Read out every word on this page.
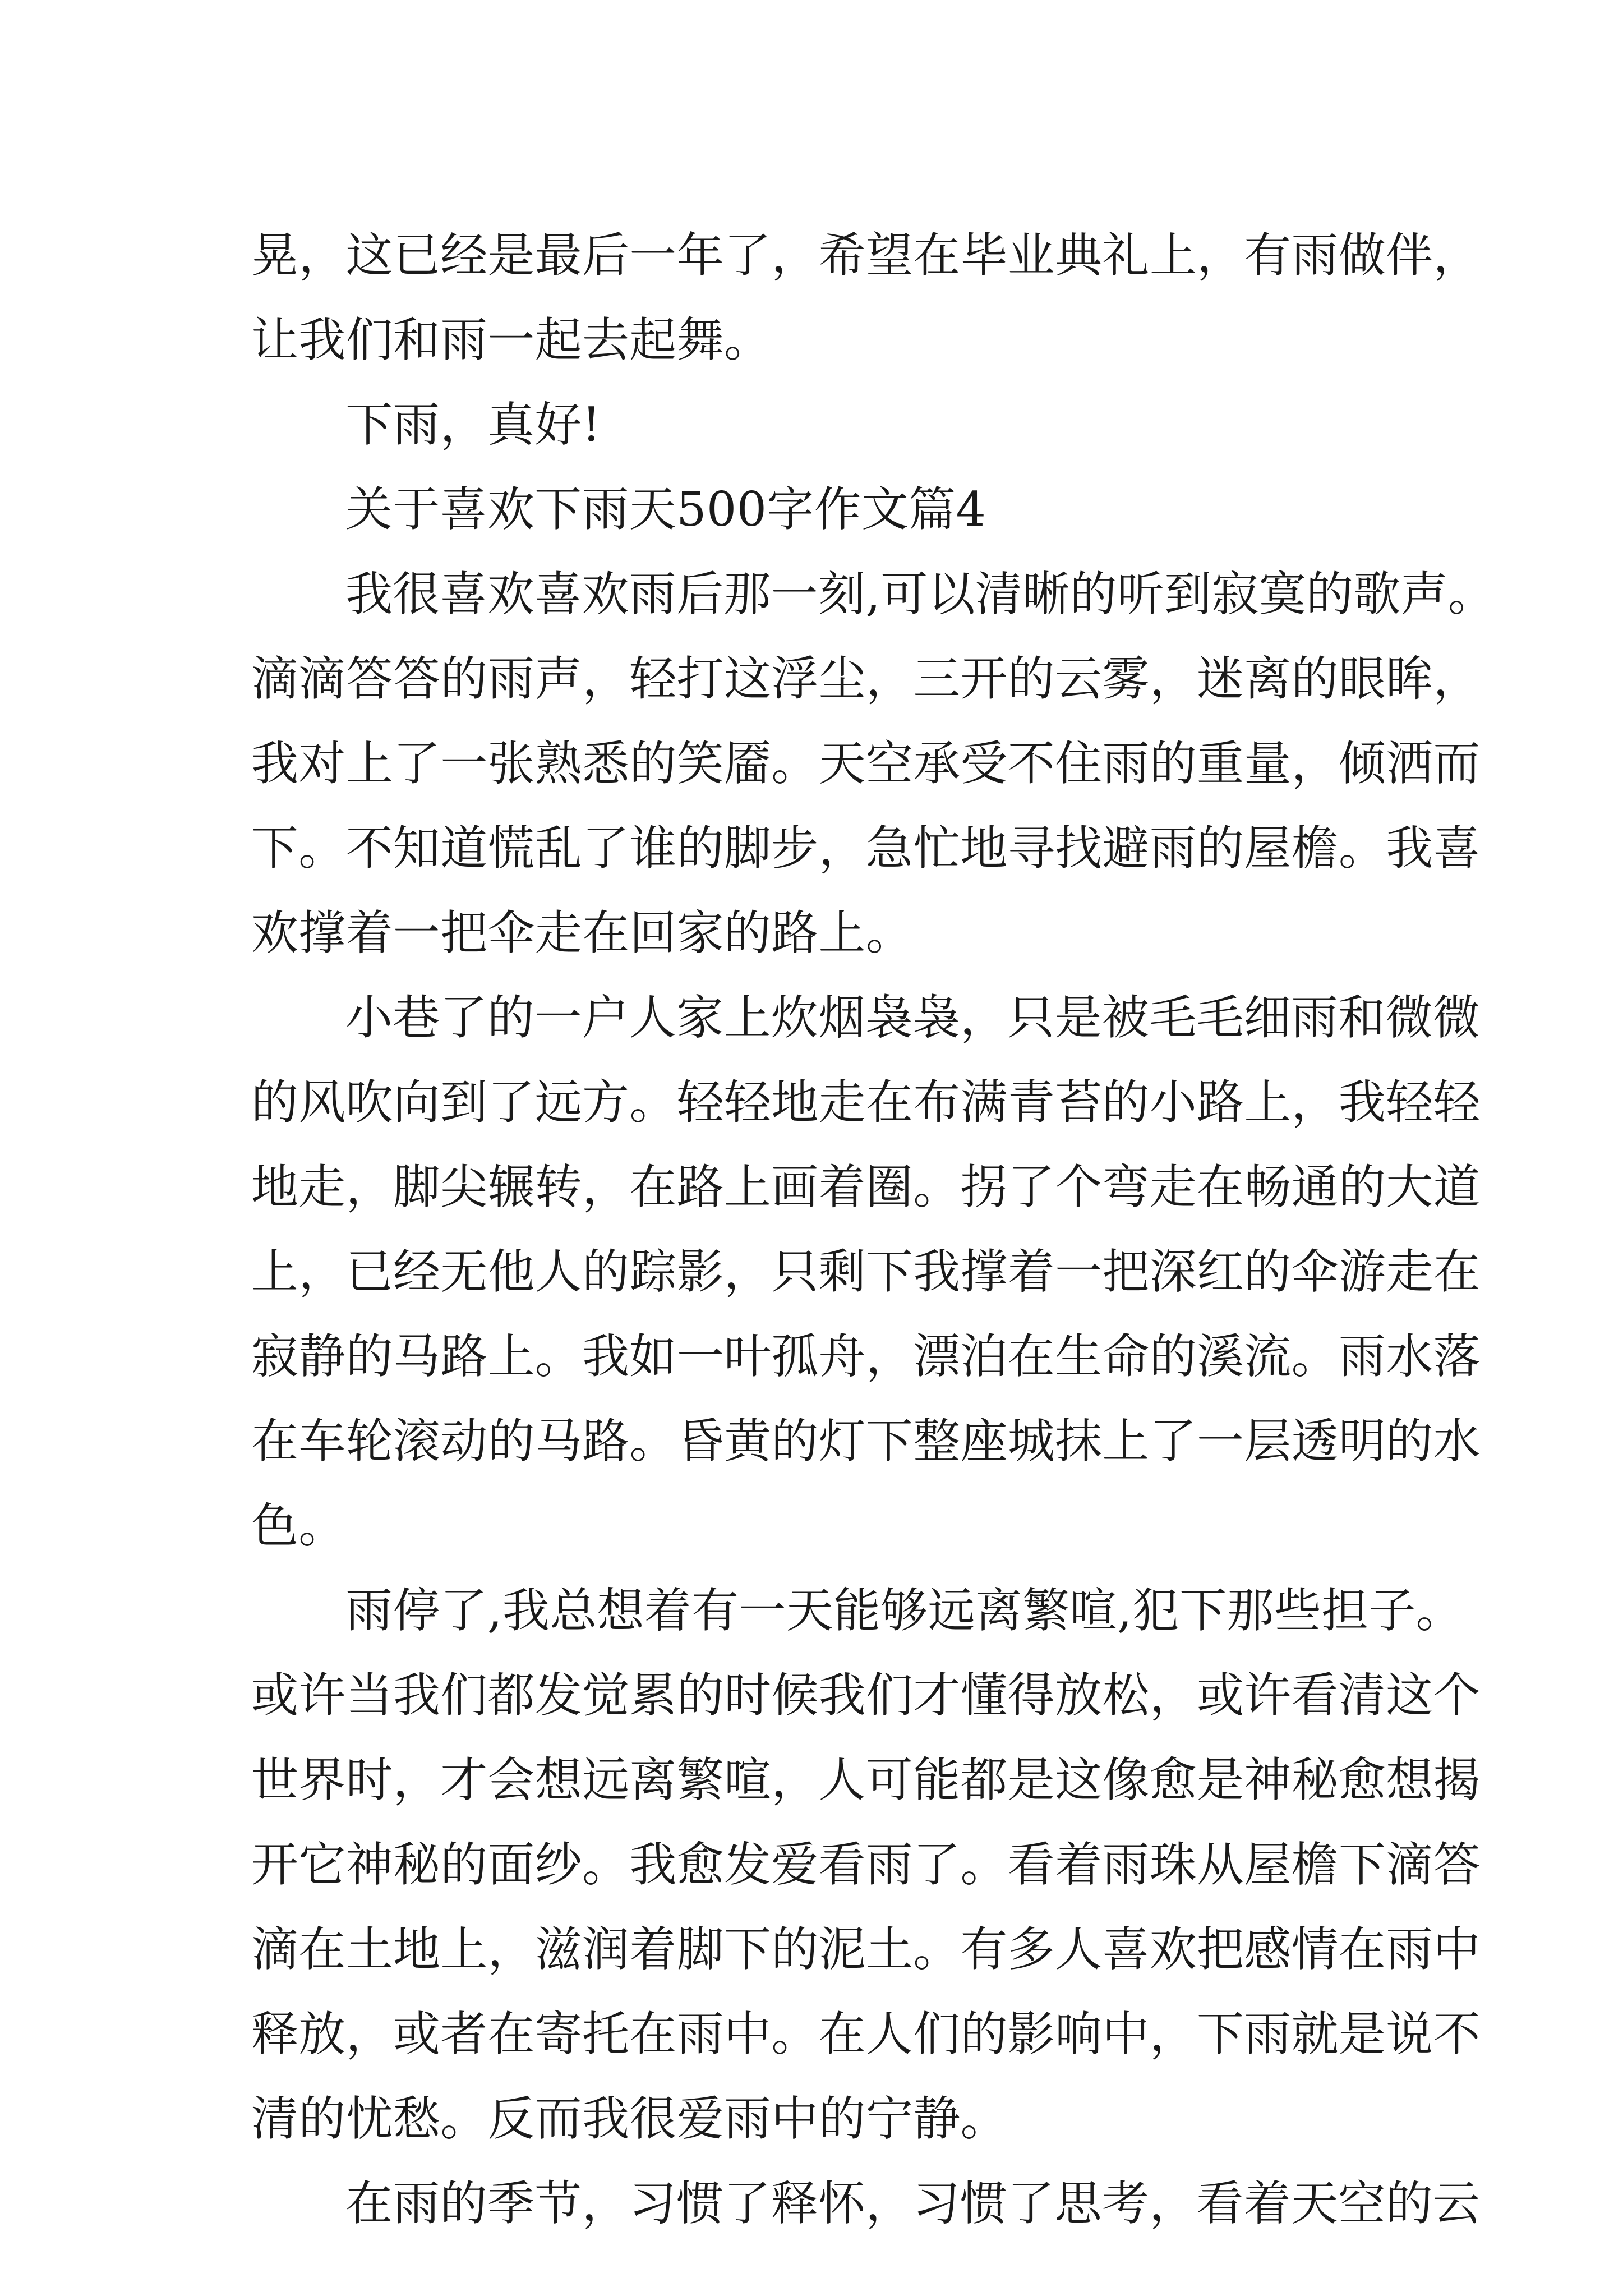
晃，这已经是最后一年了，希望在毕业典礼上，有雨做伴，
让我们和雨一起去起舞。
下雨，真好!
关于喜欢下雨天500字作文篇4
我很喜欢喜欢雨后那一刻,可以清晰的听到寂寞的歌声。
滴滴答答的雨声，轻打这浮尘，三开的云雾，迷离的眼眸，
我对上了一张熟悉的笑靥。天空承受不住雨的重量，倾洒而
下。不知道慌乱了谁的脚步，急忙地寻找避雨的屋檐。我喜
欢撑着一把伞走在回家的路上。
小巷了的一户人家上炊烟袅袅，只是被毛毛细雨和微微
的风吹向到了远方。轻轻地走在布满青苔的小路上，我轻轻
地走，脚尖辗转，在路上画着圈。拐了个弯走在畅通的大道
上，已经无他人的踪影，只剩下我撑着一把深红的伞游走在
寂静的马路上。我如一叶孤舟，漂泊在生命的溪流。雨水落
在车轮滚动的马路。昏黄的灯下整座城抹上了一层透明的水
色。
雨停了,我总想着有一天能够远离繁喧,犯下那些担子。
或许当我们都发觉累的时候我们才懂得放松，或许看清这个
世界时，才会想远离繁喧，人可能都是这像愈是神秘愈想揭
开它神秘的面纱。我愈发爱看雨了。看着雨珠从屋檐下滴答
滴在土地上，滋润着脚下的泥土。有多人喜欢把感情在雨中
释放，或者在寄托在雨中。在人们的影响中，下雨就是说不
清的忧愁。反而我很爱雨中的宁静。
在雨的季节，习惯了释怀，习惯了思考，看着天空的云
